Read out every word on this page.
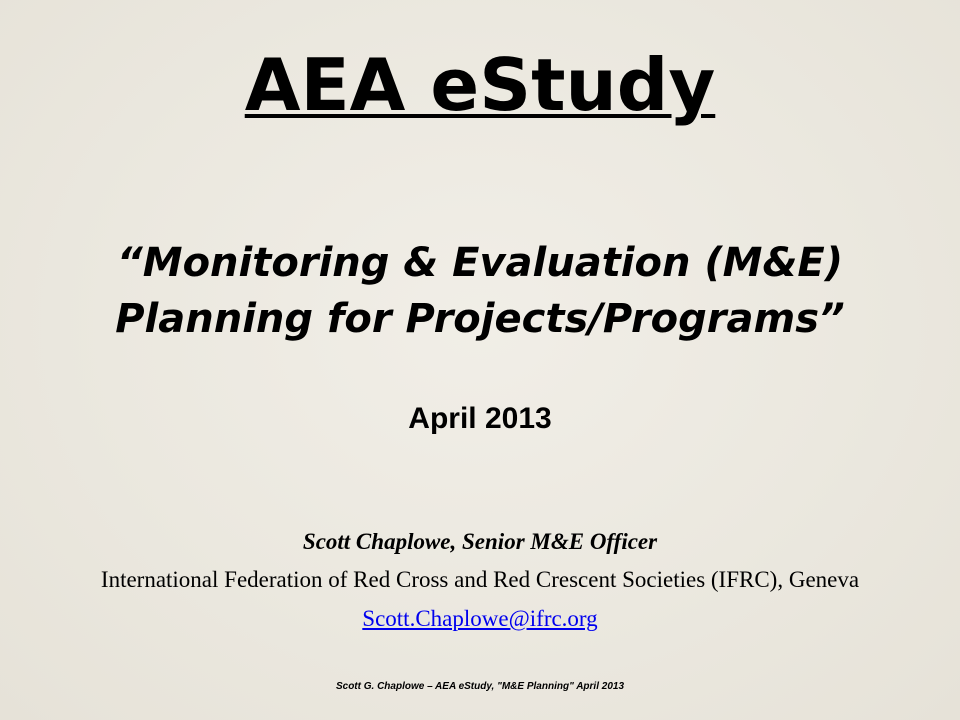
AEA eStudy
“Monitoring & Evaluation (M&E)
Planning for Projects/Programs”
April 2013
Scott Chaplowe, Senior M&E Officer
International Federation of Red Cross and Red Crescent Societies (IFRC), Geneva
Scott.Chaplowe@ifrc.org
Scott G. Chaplowe – AEA eStudy, "M&E Planning" April 2013
